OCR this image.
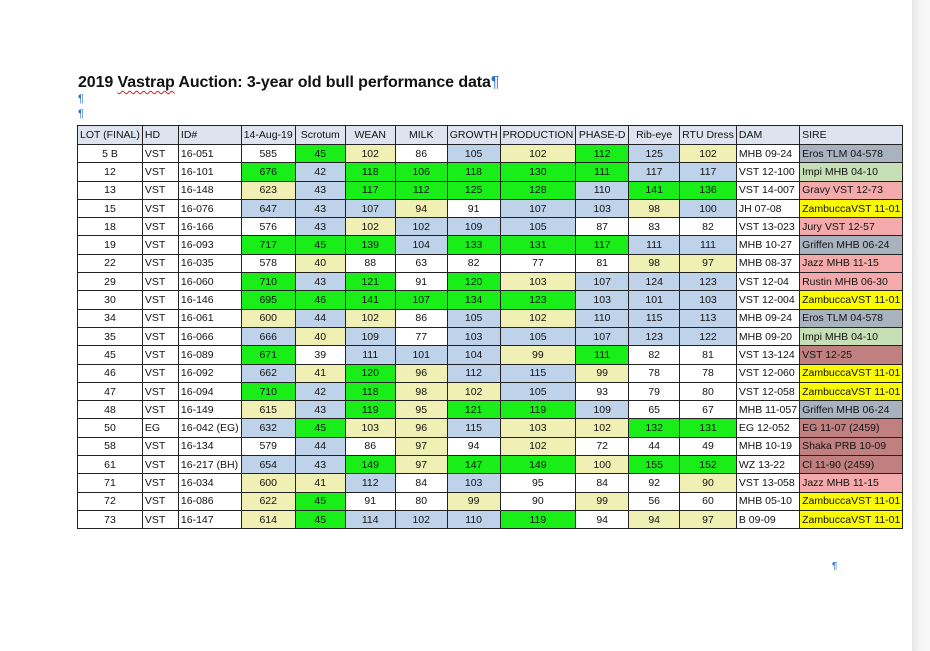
2019 Vastrap Auction: 3-year old bull performance data¶
¶
¶
LOT (FINAL)	HD	ID#	14-Aug-19	Scrotum	WEAN	MILK	GROWTH	PRODUCTION	PHASE-D	Rib-eye	RTU Dress	DAM	SIRE
5 B	VST	16-051	585	45	102	86	105	102	112	125	102	MHB 09-24	Eros TLM 04-578
12	VST	16-101	676	42	118	106	118	130	111	117	117	VST 12-100	Impi MHB 04-10
13	VST	16-148	623	43	117	112	125	128	110	141	136	VST 14-007	Gravy VST 12-73
15	VST	16-076	647	43	107	94	91	107	103	98	100	JH 07-08	ZambuccaVST 11-01
18	VST	16-166	576	43	102	102	109	105	87	83	82	VST 13-023	Jury VST 12-57
19	VST	16-093	717	45	139	104	133	131	117	111	111	MHB 10-27	Griffen MHB 06-24
22	VST	16-035	578	40	88	63	82	77	81	98	97	MHB 08-37	Jazz MHB 11-15
29	VST	16-060	710	43	121	91	120	103	107	124	123	VST 12-04	Rustin MHB 06-30
30	VST	16-146	695	46	141	107	134	123	103	101	103	VST 12-004	ZambuccaVST 11-01
34	VST	16-061	600	44	102	86	105	102	110	115	113	MHB 09-24	Eros TLM 04-578
35	VST	16-066	666	40	109	77	103	105	107	123	122	MHB 09-20	Impi MHB 04-10
45	VST	16-089	671	39	111	101	104	99	111	82	81	VST 13-124	VST 12-25
46	VST	16-092	662	41	120	96	112	115	99	78	78	VST 12-060	ZambuccaVST 11-01
47	VST	16-094	710	42	118	98	102	105	93	79	80	VST 12-058	ZambuccaVST 11-01
48	VST	16-149	615	43	119	95	121	119	109	65	67	MHB 11-057	Griffen MHB 06-24
50	EG	16-042 (EG)	632	45	103	96	115	103	102	132	131	EG 12-052	EG 11-07 (2459)
58	VST	16-134	579	44	86	97	94	102	72	44	49	MHB 10-19	Shaka PRB 10-09
61	VST	16-217 (BH)	654	43	149	97	147	149	100	155	152	WZ 13-22	Cl 11-90 (2459)
71	VST	16-034	600	41	112	84	103	95	84	92	90	VST 13-058	Jazz MHB 11-15
72	VST	16-086	622	45	91	80	99	90	99	56	60	MHB 05-10	ZambuccaVST 11-01
73	VST	16-147	614	45	114	102	110	119	94	94	97	B 09-09	ZambuccaVST 11-01
¶
